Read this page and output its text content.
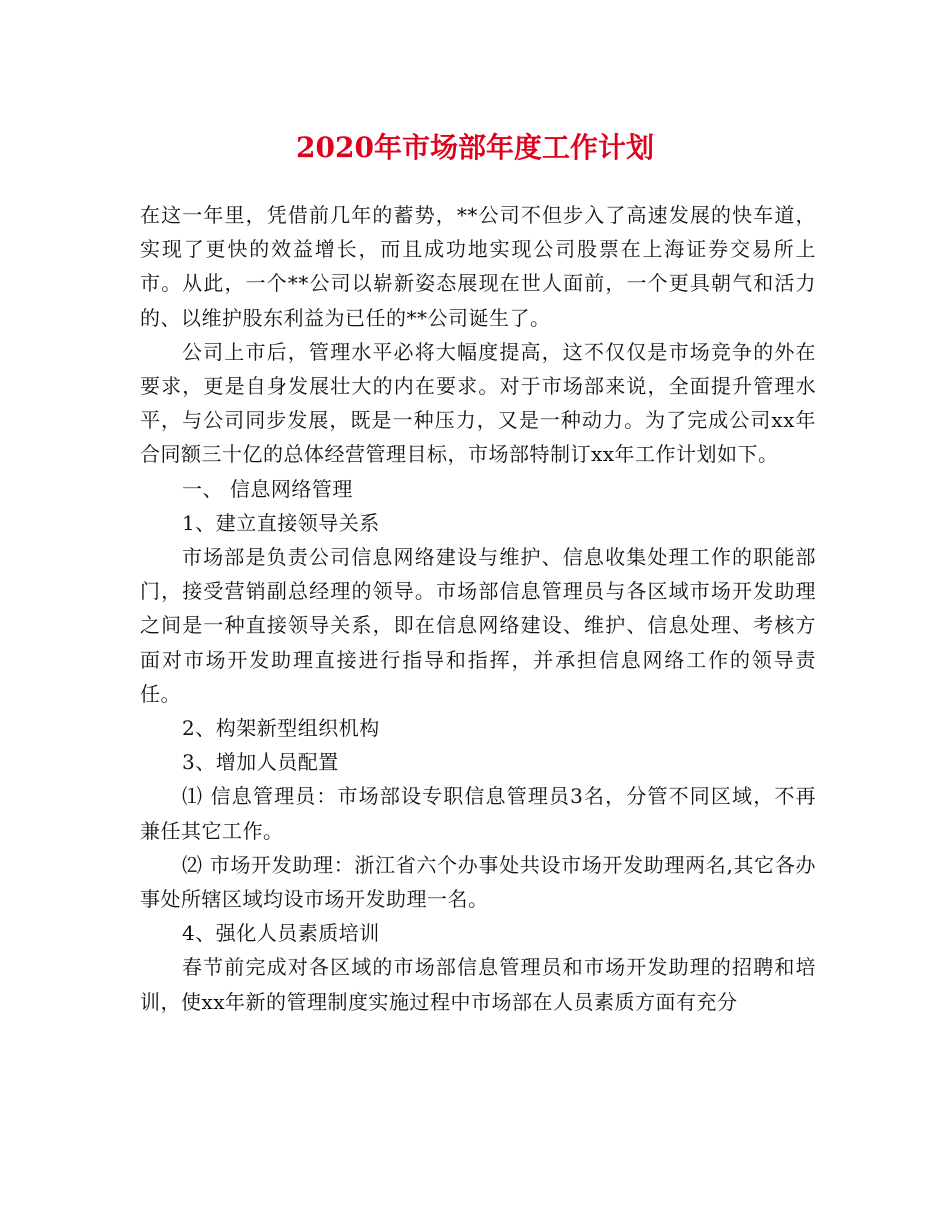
2020年市场部年度工作计划

在这一年里，凭借前几年的蓄势，**公司不但步入了高速发展的快车道，实现了更快的效益增长，而且成功地实现公司股票在上海证券交易所上市。从此，一个**公司以崭新姿态展现在世人面前，一个更具朝气和活力的、以维护股东利益为已任的**公司诞生了。

公司上市后，管理水平必将大幅度提高，这不仅仅是市场竞争的外在要求，更是自身发展壮大的内在要求。对于市场部来说，全面提升管理水平，与公司同步发展，既是一种压力，又是一种动力。为了完成公司xx年合同额三十亿的总体经营管理目标，市场部特制订xx年工作计划如下。

一、 信息网络管理

1、建立直接领导关系

市场部是负责公司信息网络建设与维护、信息收集处理工作的职能部门，接受营销副总经理的领导。市场部信息管理员与各区域市场开发助理之间是一种直接领导关系，即在信息网络建设、维护、信息处理、考核方面对市场开发助理直接进行指导和指挥，并承担信息网络工作的领导责任。

2、构架新型组织机构

3、增加人员配置

⑴ 信息管理员：市场部设专职信息管理员3名，分管不同区域，不再兼任其它工作。

⑵ 市场开发助理：浙江省六个办事处共设市场开发助理两名,其它各办事处所辖区域均设市场开发助理一名。

4、强化人员素质培训

春节前完成对各区域的市场部信息管理员和市场开发助理的招聘和培训，使xx年新的管理制度实施过程中市场部在人员素质方面有充分
